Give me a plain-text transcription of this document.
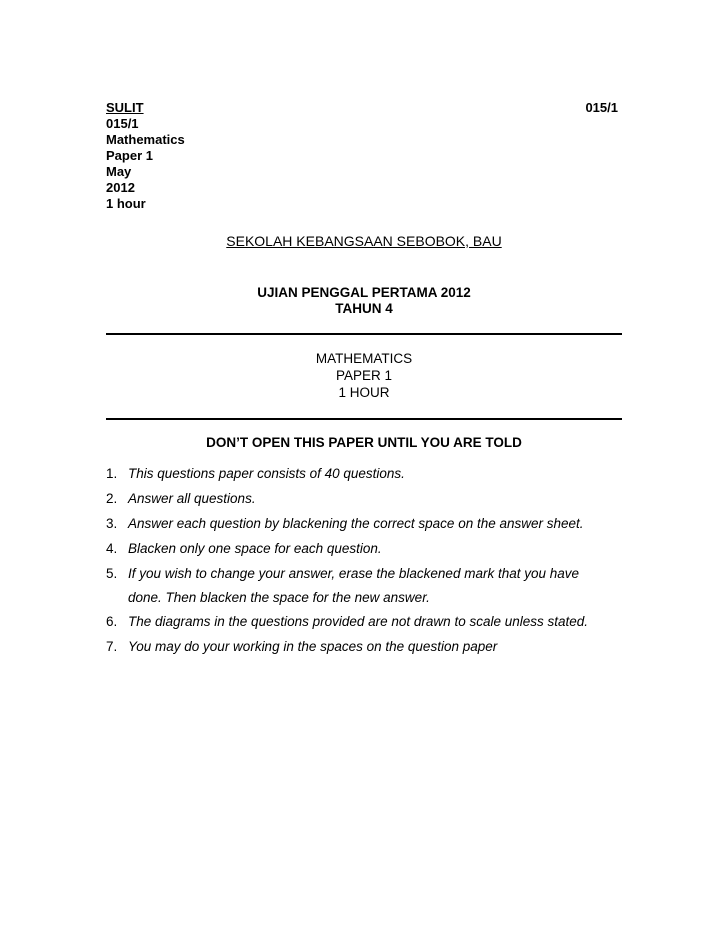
SULIT	015/1
015/1
Mathematics
Paper 1
May
2012
1 hour
SEKOLAH KEBANGSAAN SEBOBOK, BAU
UJIAN PENGGAL PERTAMA 2012
TAHUN 4
MATHEMATICS
PAPER 1
1 HOUR
DON’T OPEN THIS PAPER UNTIL YOU ARE TOLD
1. This questions paper consists of 40 questions.
2. Answer all questions.
3. Answer each question by blackening the correct space on the answer sheet.
4. Blacken only one space for each question.
5. If you wish to change your answer, erase the blackened mark that you have
done. Then blacken the space for the new answer.
6. The diagrams in the questions provided are not drawn to scale unless stated.
7. You may do your working in the spaces on the question paper
